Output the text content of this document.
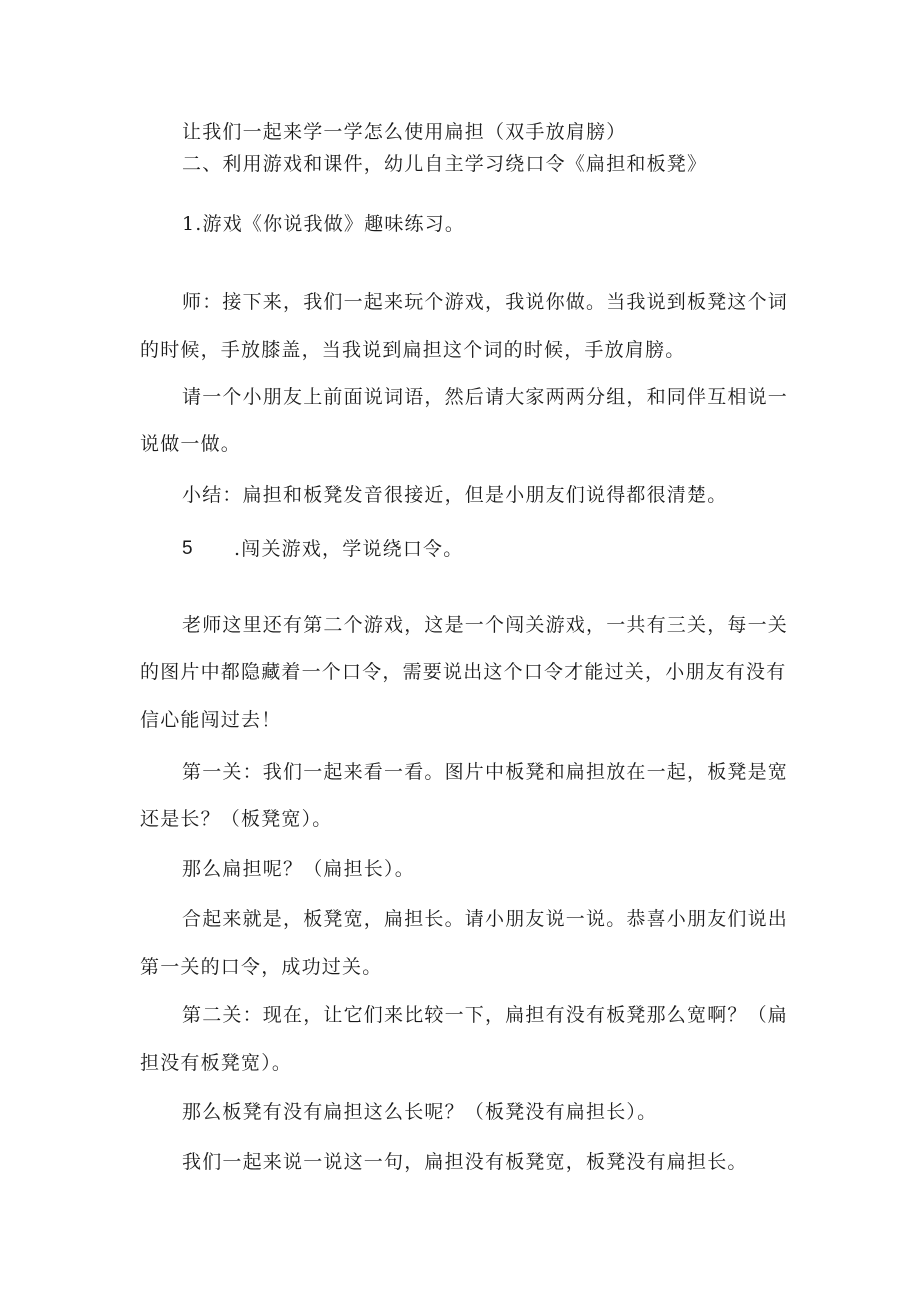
让我们一起来学一学怎么使用扁担（双手放肩膀）
二、利用游戏和课件，幼儿自主学习绕口令《扁担和板凳》
1.游戏《你说我做》趣味练习。
师：接下来，我们一起来玩个游戏，我说你做。当我说到板凳这个词
的时候，手放膝盖，当我说到扁担这个词的时候，手放肩膀。
请一个小朋友上前面说词语，然后请大家两两分组，和同伴互相说一
说做一做。
小结：扁担和板凳发音很接近，但是小朋友们说得都很清楚。
5 .闯关游戏，学说绕口令。
老师这里还有第二个游戏，这是一个闯关游戏，一共有三关，每一关
的图片中都隐藏着一个口令，需要说出这个口令才能过关，小朋友有没有
信心能闯过去！
第一关：我们一起来看一看。图片中板凳和扁担放在一起，板凳是宽
还是长？（板凳宽）。
那么扁担呢？（扁担长）。
合起来就是，板凳宽，扁担长。请小朋友说一说。恭喜小朋友们说出
第一关的口令，成功过关。
第二关：现在，让它们来比较一下，扁担有没有板凳那么宽啊？（扁
担没有板凳宽）。
那么板凳有没有扁担这么长呢？（板凳没有扁担长）。
我们一起来说一说这一句，扁担没有板凳宽，板凳没有扁担长。
